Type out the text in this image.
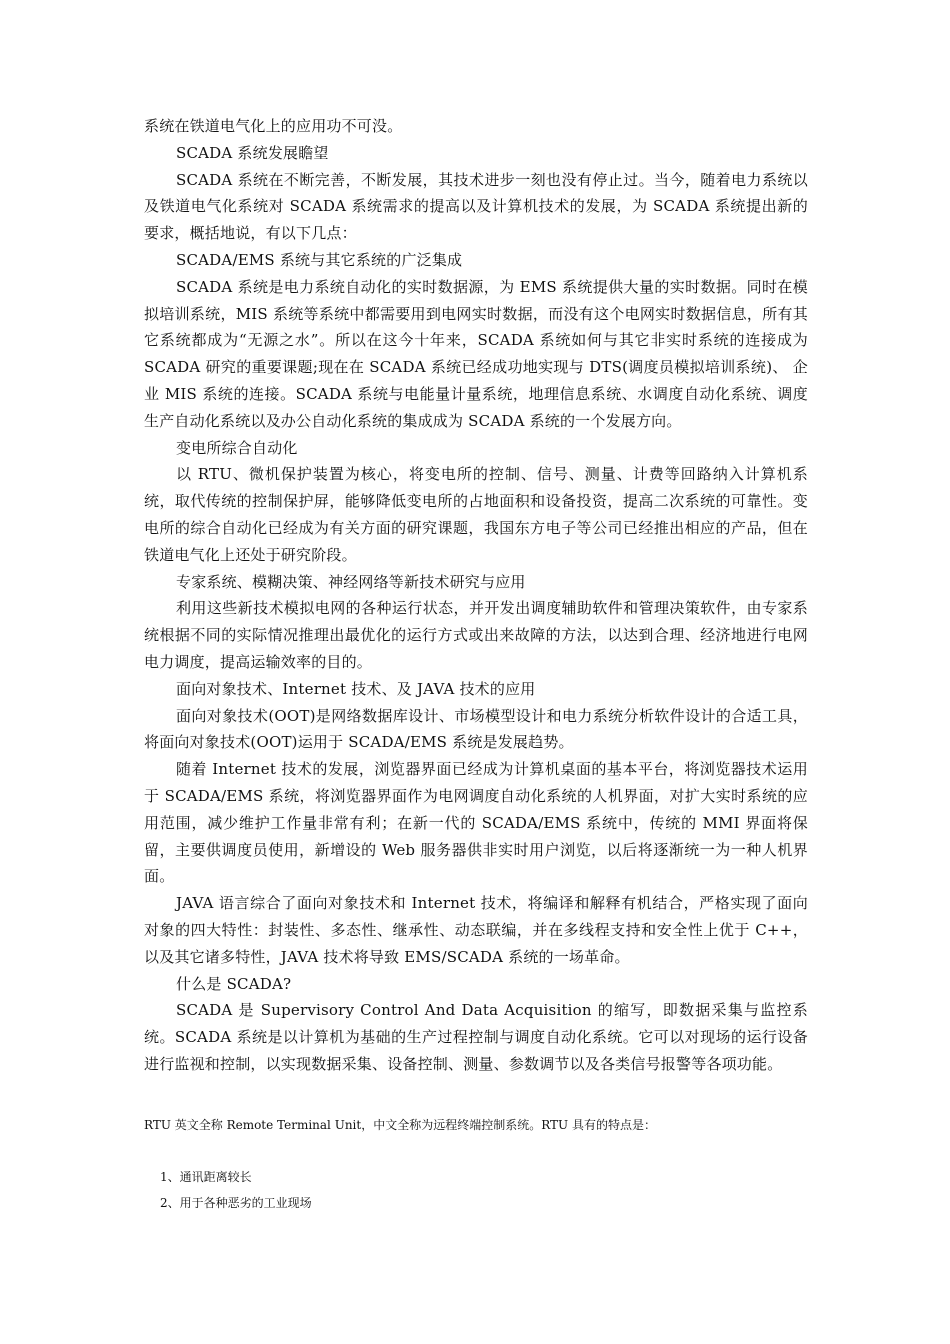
系统在铁道电气化上的应用功不可没。

SCADA 系统发展瞻望

SCADA 系统在不断完善，不断发展，其技术进步一刻也没有停止过。当今，随着电力系统以及铁道电气化系统对 SCADA 系统需求的提高以及计算机技术的发展，为 SCADA 系统提出新的要求，概括地说，有以下几点：

SCADA/EMS 系统与其它系统的广泛集成

SCADA 系统是电力系统自动化的实时数据源，为 EMS 系统提供大量的实时数据。同时在模拟培训系统，MIS 系统等系统中都需要用到电网实时数据，而没有这个电网实时数据信息，所有其它系统都成为“无源之水”。所以在这今十年来，SCADA 系统如何与其它非实时系统的连接成为SCADA 研究的重要课题;现在在 SCADA 系统已经成功地实现与 DTS(调度员模拟培训系统)、 企业 MIS 系统的连接。SCADA 系统与电能量计量系统，地理信息系统、水调度自动化系统、调度生产自动化系统以及办公自动化系统的集成成为 SCADA 系统的一个发展方向。

变电所综合自动化

以 RTU、微机保护装置为核心，将变电所的控制、信号、测量、计费等回路纳入计算机系统，取代传统的控制保护屏，能够降低变电所的占地面积和设备投资，提高二次系统的可靠性。变电所的综合自动化已经成为有关方面的研究课题，我国东方电子等公司已经推出相应的产品，但在铁道电气化上还处于研究阶段。

专家系统、模糊决策、神经网络等新技术研究与应用

利用这些新技术模拟电网的各种运行状态，并开发出调度辅助软件和管理决策软件，由专家系统根据不同的实际情况推理出最优化的运行方式或出来故障的方法，以达到合理、经济地进行电网电力调度，提高运输效率的目的。

面向对象技术、Internet 技术、及 JAVA 技术的应用

面向对象技术(OOT)是网络数据库设计、市场模型设计和电力系统分析软件设计的合适工具，将面向对象技术(OOT)运用于 SCADA/EMS 系统是发展趋势。

随着 Internet 技术的发展，浏览器界面已经成为计算机桌面的基本平台，将浏览器技术运用于 SCADA/EMS 系统，将浏览器界面作为电网调度自动化系统的人机界面，对扩大实时系统的应用范围，减少维护工作量非常有利；在新一代的 SCADA/EMS 系统中，传统的 MMI 界面将保留，主要供调度员使用，新增设的 Web 服务器供非实时用户浏览，以后将逐渐统一为一种人机界面。

JAVA 语言综合了面向对象技术和 Internet 技术，将编译和解释有机结合，严格实现了面向对象的四大特性：封装性、多态性、继承性、动态联编，并在多线程支持和安全性上优于 C++，以及其它诸多特性，JAVA 技术将导致 EMS/SCADA 系统的一场革命。

什么是 SCADA?

SCADA 是 Supervisory Control And Data Acquisition 的缩写，即数据采集与监控系统。SCADA 系统是以计算机为基础的生产过程控制与调度自动化系统。它可以对现场的运行设备进行监视和控制，以实现数据采集、设备控制、测量、参数调节以及各类信号报警等各项功能。

RTU 英文全称 Remote Terminal Unit，中文全称为远程终端控制系统。RTU 具有的特点是：
1、通讯距离较长
2、用于各种恶劣的工业现场
